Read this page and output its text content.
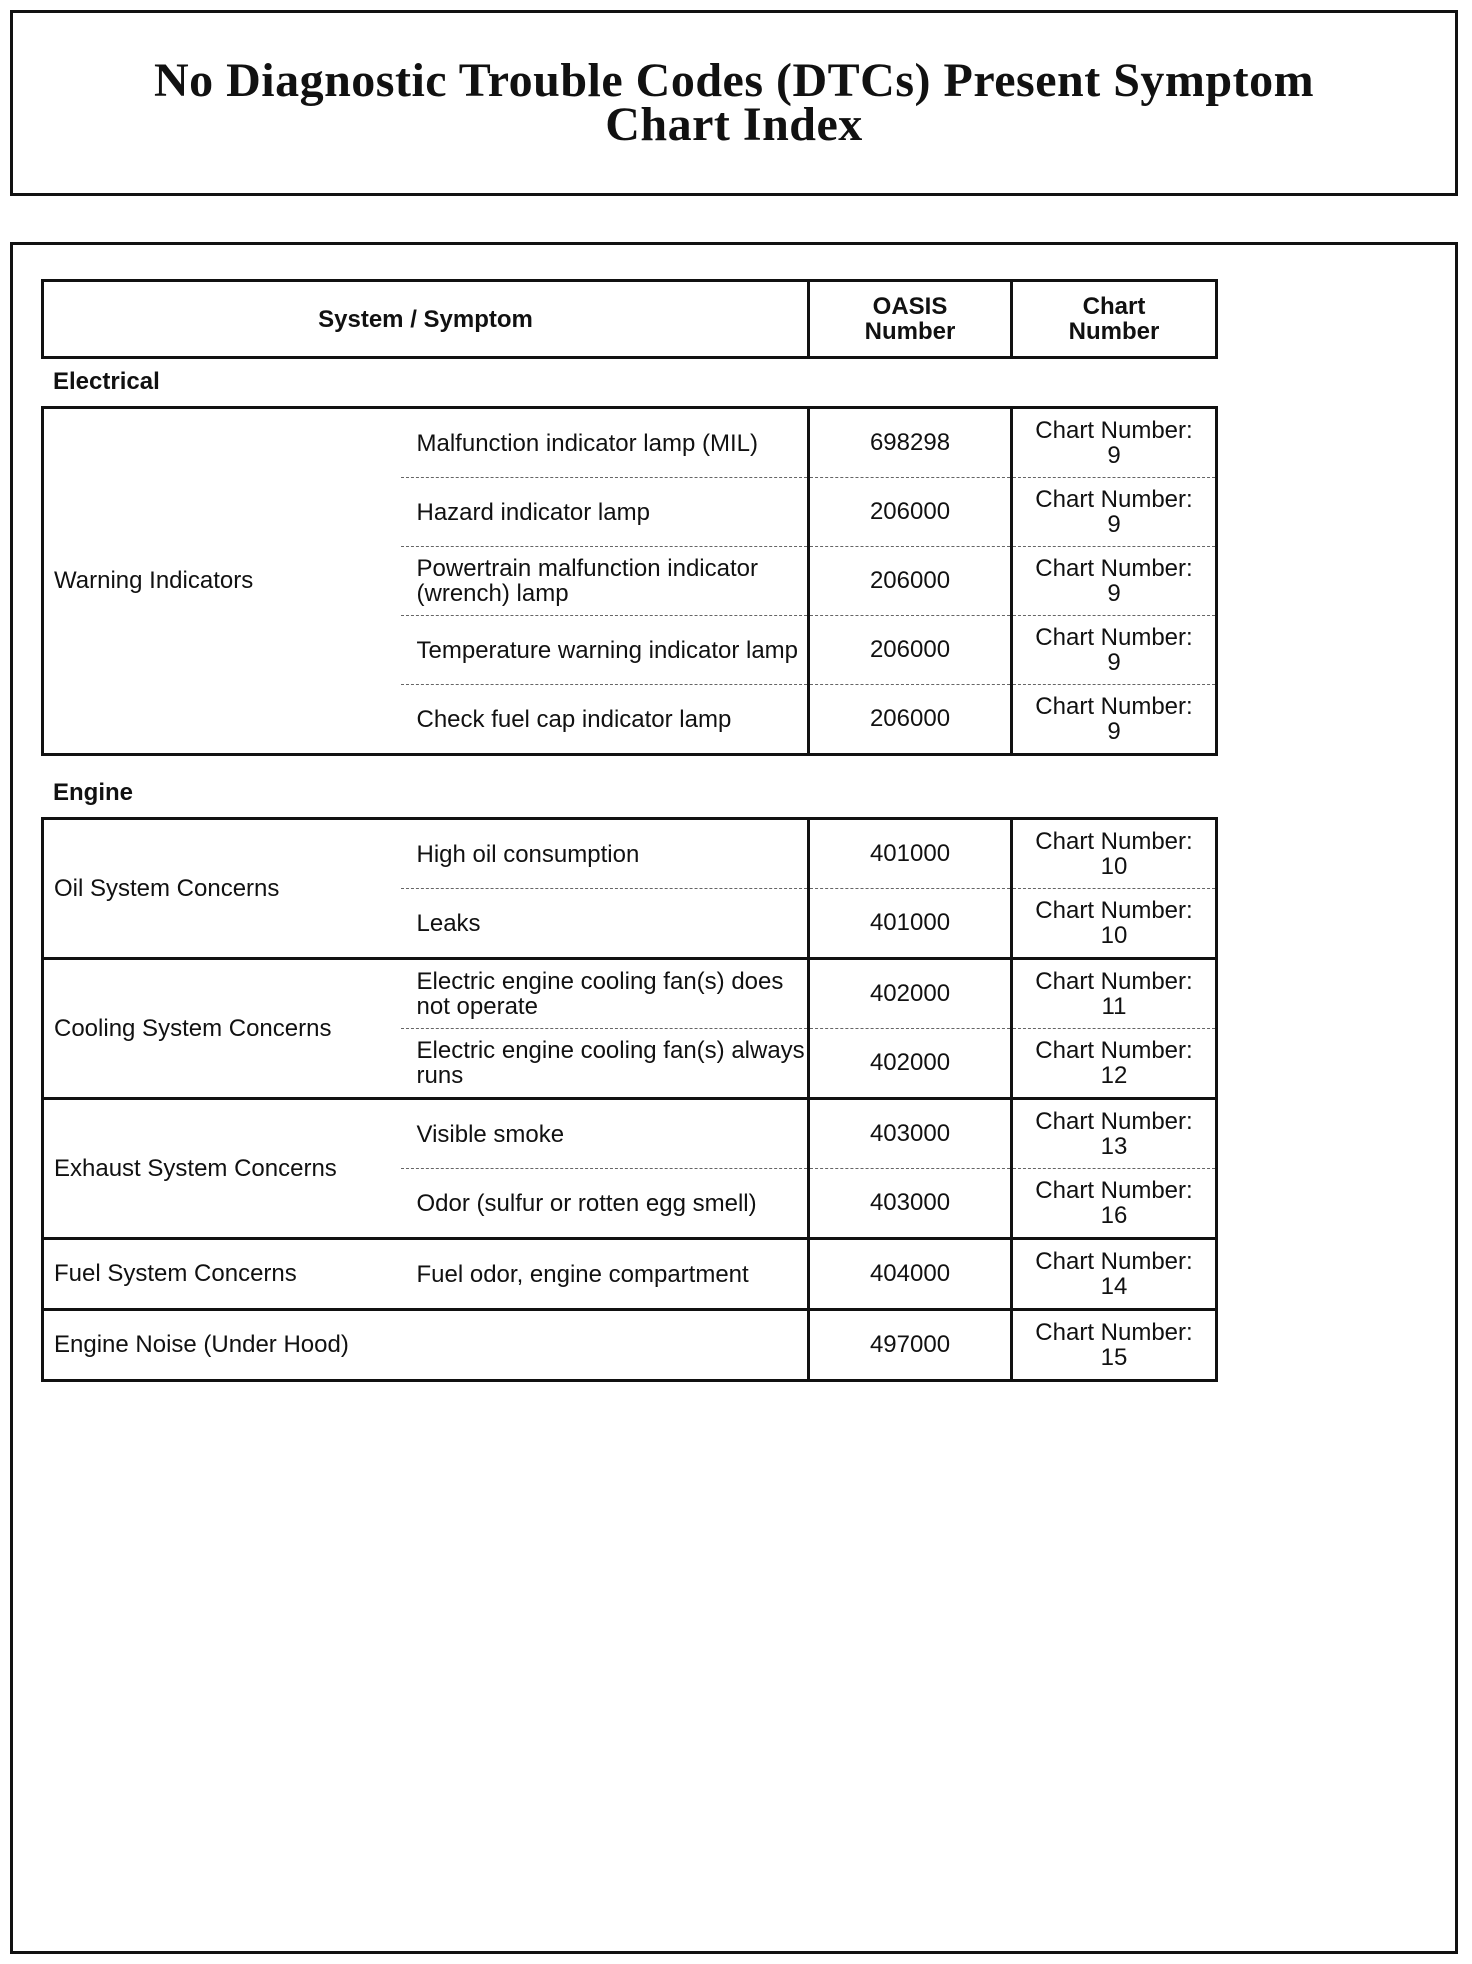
No Diagnostic Trouble Codes (DTCs) Present Symptom
Chart Index
System / Symptom	OASIS Number

Chart Number
Electrical
Warning Indicators	Malfunction indicator lamp (MIL)	698298	Chart Number:
9

	Hazard indicator lamp	206000	Chart Number:
9

	Powertrain malfunction indicator (wrench) lamp	206000	Chart Number:
9

	Temperature warning indicator lamp	206000	Chart Number:
9

	Check fuel cap indicator lamp	206000	Chart Number:
9
Engine
Oil System Concerns	High oil consumption	401000	Chart Number:
10

	Leaks	401000	Chart Number:
10

Cooling System Concerns	Electric engine cooling fan(s) does not operate	402000	Chart Number:
11

	Electric engine cooling fan(s) always runs	402000	Chart Number:
12

Exhaust System Concerns	Visible smoke	403000	Chart Number:
13

	Odor (sulfur or rotten egg smell)	403000	Chart Number:
16

Fuel System Concerns	Fuel odor, engine compartment	404000	Chart Number:
14

Engine Noise (Under Hood)		497000	Chart Number:
15
